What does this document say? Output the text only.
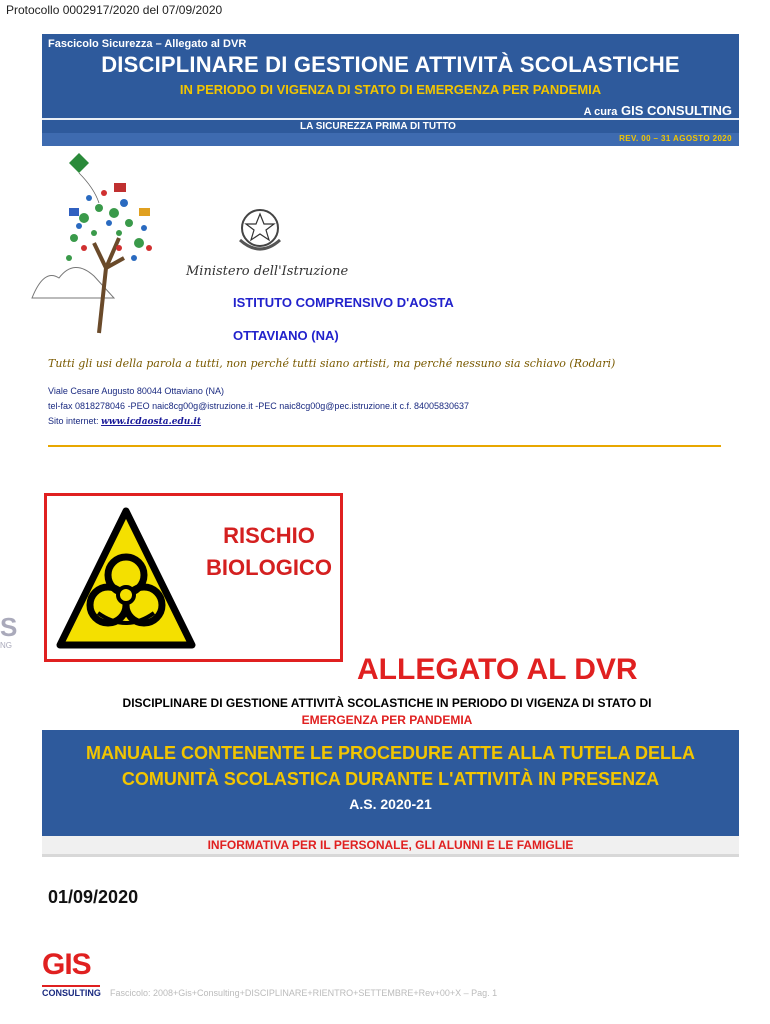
Protocollo 0002917/2020 del 07/09/2020
Fascicolo Sicurezza – Allegato al DVR
DISCIPLINARE DI GESTIONE ATTIVITÀ SCOLASTICHE
IN PERIODO DI VIGENZA DI STATO DI EMERGENZA PER PANDEMIA
A cura GIS CONSULTING
LA SICUREZZA PRIMA DI TUTTO
REV. 00 – 31 AGOSTO 2020
Ministero dell'Istruzione
ISTITUTO COMPRENSIVO D'AOSTA
OTTAVIANO (NA)
Tutti gli usi della parola a tutti, non perché tutti siano artisti, ma perché nessuno sia schiavo (Rodari)
Viale Cesare Augusto 80044 Ottaviano (NA)
tel-fax 0818278046 -PEO naic8cg00g@istruzione.it -PEC naic8cg00g@pec.istruzione.it c.f. 84005830637
Sito internet: www.icdaosta.edu.it
RISCHIO
BIOLOGICO
S
NG
ALLEGATO AL DVR
DISCIPLINARE DI GESTIONE ATTIVITÀ SCOLASTICHE IN PERIODO DI VIGENZA DI STATO DI
EMERGENZA PER PANDEMIA
MANUALE CONTENENTE LE PROCEDURE ATTE ALLA TUTELA DELLA
COMUNITÀ SCOLASTICA DURANTE L'ATTIVITÀ IN PRESENZA
A.S. 2020-21
INFORMATIVA PER IL PERSONALE, GLI ALUNNI E LE FAMIGLIE
01/09/2020
GIS
CONSULTING Fascicolo: 2008+Gis+Consulting+DISCIPLINARE+RIENTRO+SETTEMBRE+Rev+00+X – Pag. 1
